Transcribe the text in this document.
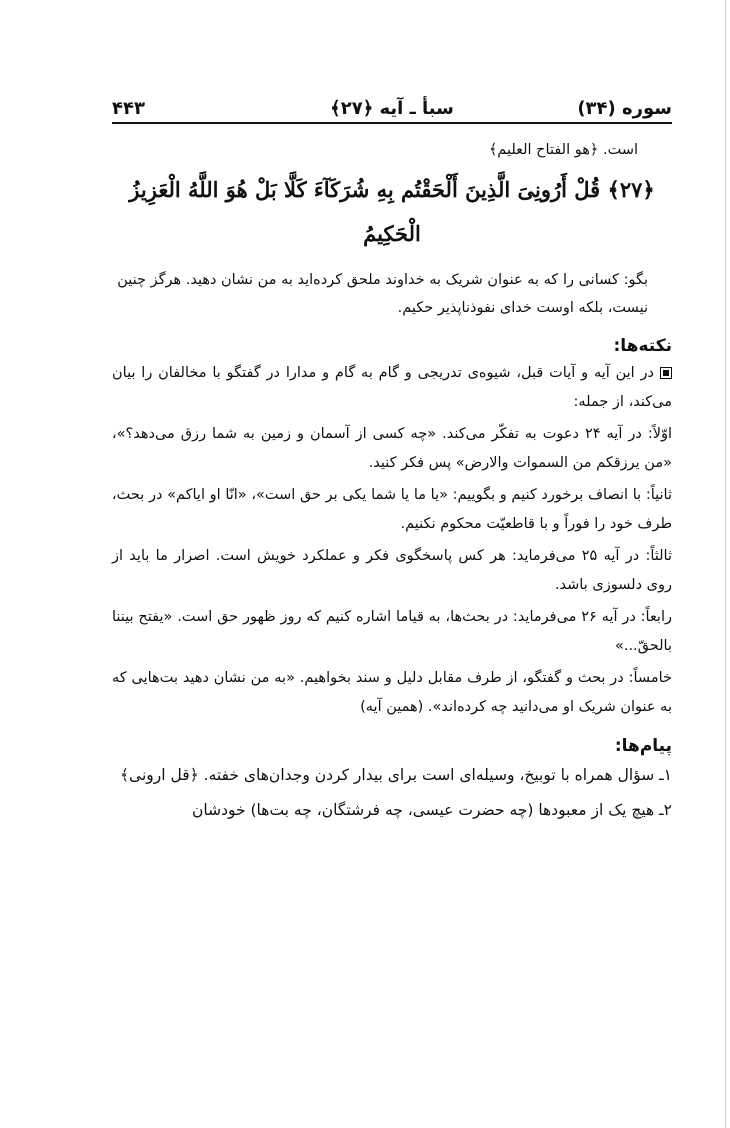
سوره (۳۴)
سبأ ـ آیه ﴿۲۷﴾
۴۴۳
است. ﴿هو الفتاح العلیم﴾
﴿۲۷﴾ قُلْ أَرُونِىَ الَّذِينَ أَلْحَقْتُم بِهِ شُرَكَآءَ كَلَّا بَلْ هُوَ اللَّهُ الْعَزِيزُ الْحَكِيمُ
بگو: کسانی را که به عنوان شریک به خداوند ملحق کرده‌اید به من نشان دهید. هرگز چنین نیست، بلکه اوست خدای نفوذناپذیر حکیم.
نکته‌ها:
در این آیه و آیات قبل، شیوه‌ی تدریجی و گام به گام و مدارا در گفتگو با مخالفان را بیان می‌کند، از جمله:
اوّلاً: در آیه ۲۴ دعوت به تفکّر می‌کند. «چه کسی از آسمان و زمین به شما رزق می‌دهد؟»، «من یرزقکم من السموات والارض» پس فکر کنید.
ثانیاً: با انصاف برخورد کنیم و بگوییم: «یا ما یا شما یکی بر حق است»، «انّا او ایاکم» در بحث، طرف خود را فوراً و با قاطعیّت محکوم نکنیم.
ثالثاً: در آیه ۲۵ می‌فرماید: هر کس پاسخگوی فکر و عملکرد خویش است. اصرار ما باید از روی دلسوزی باشد.
رابعاً: در آیه ۲۶ می‌فرماید: در بحث‌ها، به قیاما اشاره کنیم که روز ظهور حق است. «یفتح بیننا بالحقّ...»
خامساً: در بحث و گفتگو، از طرف مقابل دلیل و سند بخواهیم. «به من نشان دهید بت‌هایی که به عنوان شریک او می‌دانید چه کرده‌اند». (همین آیه)
پیام‌ها:
۱ـ سؤال همراه با توبیخ، وسیله‌ای است برای بیدار کردن وجدان‌های خفته. ﴿قل ارونی﴾
۲ـ هیچ یک از معبودها (چه حضرت عیسی، چه فرشتگان، چه بت‌ها) خودشان
